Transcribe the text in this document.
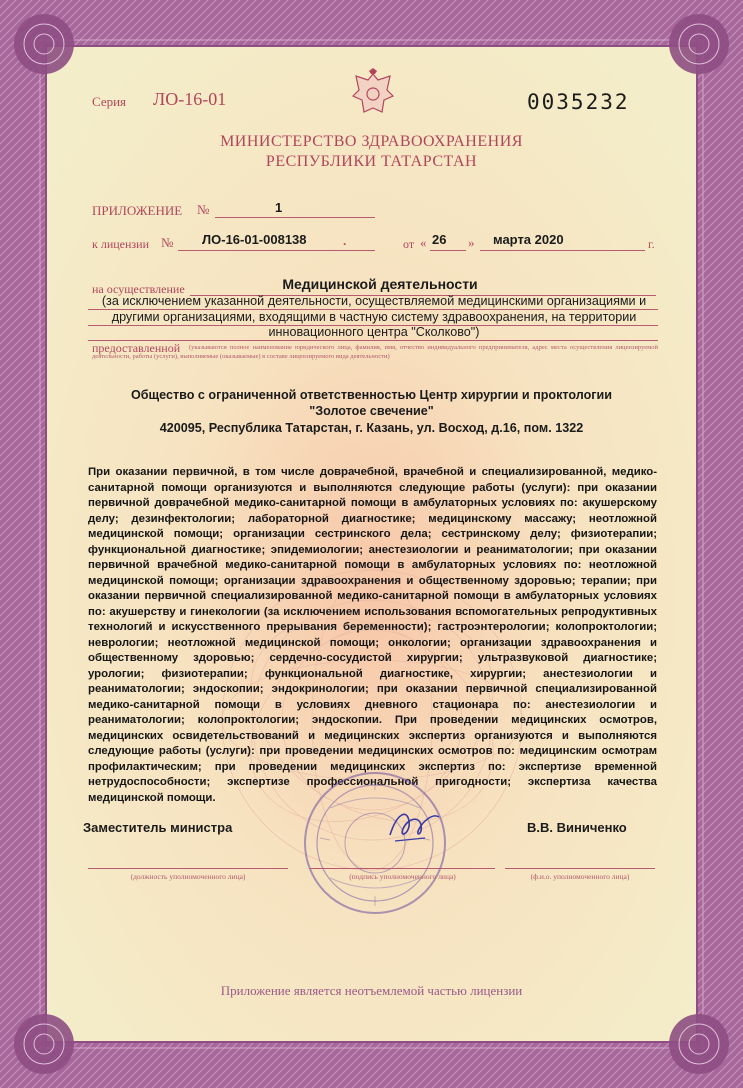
Серия ЛО-16-01	0035232
МИНИСТЕРСТВО ЗДРАВООХРАНЕНИЯ
РЕСПУБЛИКИ ТАТАРСТАН
ПРИЛОЖЕНИЕ №	1
к лицензии № ЛО-16-01-008138	.	от « 26 » марта 2020	г.
на осуществление	Медицинской деятельности
(за исключением указанной деятельности, осуществляемой медицинскими организациями и другими организациями, входящими в частную систему здравоохранения, на территории инновационного центра "Сколково")
предоставленной	(указываются полное наименование юридического лица, фамилия, имя, отчество индивидуального предпринимателя, адрес места осуществления лицензируемой деятельности, работы (услуги), выполняемые (оказываемые) в составе лицензируемого вида деятельности)
Общество с ограниченной ответственностью Центр хирургии и проктологии
"Золотое свечение"
420095, Республика Татарстан, г. Казань, ул. Восход, д.16, пом. 1322
При оказании первичной, в том числе доврачебной, врачебной и специализированной, медико-санитарной помощи организуются и выполняются следующие работы (услуги): при оказании первичной доврачебной медико-санитарной помощи в амбулаторных условиях по: акушерскому делу; дезинфектологии; лабораторной диагностике; медицинскому массажу; неотложной медицинской помощи; организации сестринского дела; сестринскому делу; физиотерапии; функциональной диагностике; эпидемиологии; анестезиологии и реаниматологии; при оказании первичной врачебной медико-санитарной помощи в амбулаторных условиях по: неотложной медицинской помощи; организации здравоохранения и общественному здоровью; терапии; при оказании первичной специализированной медико-санитарной помощи в амбулаторных условиях по: акушерству и гинекологии (за исключением использования вспомогательных репродуктивных технологий и искусственного прерывания беременности); гастроэнтерологии; колопроктологии; неврологии; неотложной медицинской помощи; онкологии; организации здравоохранения и общественному здоровью; сердечно-сосудистой хирургии; ультразвуковой диагностике; урологии; физиотерапии; функциональной диагностике, хирургии; анестезиологии и реаниматологии; эндоскопии; эндокринологии; при оказании первичной специализированной медико-санитарной помощи в условиях дневного стационара по: анестезиологии и реаниматологии; колопроктологии; эндоскопии. При проведении медицинских осмотров, медицинских освидетельствований и медицинских экспертиз организуются и выполняются следующие работы (услуги): при проведении медицинских осмотров по: медицинским осмотрам профилактическим; при проведении медицинских экспертиз по: экспертизе временной нетрудоспособности; экспертизе профессиональной пригодности; экспертиза качества медицинской помощи.
Заместитель министра	В.В. Виниченко
(должность уполномоченного лица)	(подпись уполномоченного лица)	(ф.и.о. уполномоченного лица)
Приложение является неотъемлемой частью лицензии
